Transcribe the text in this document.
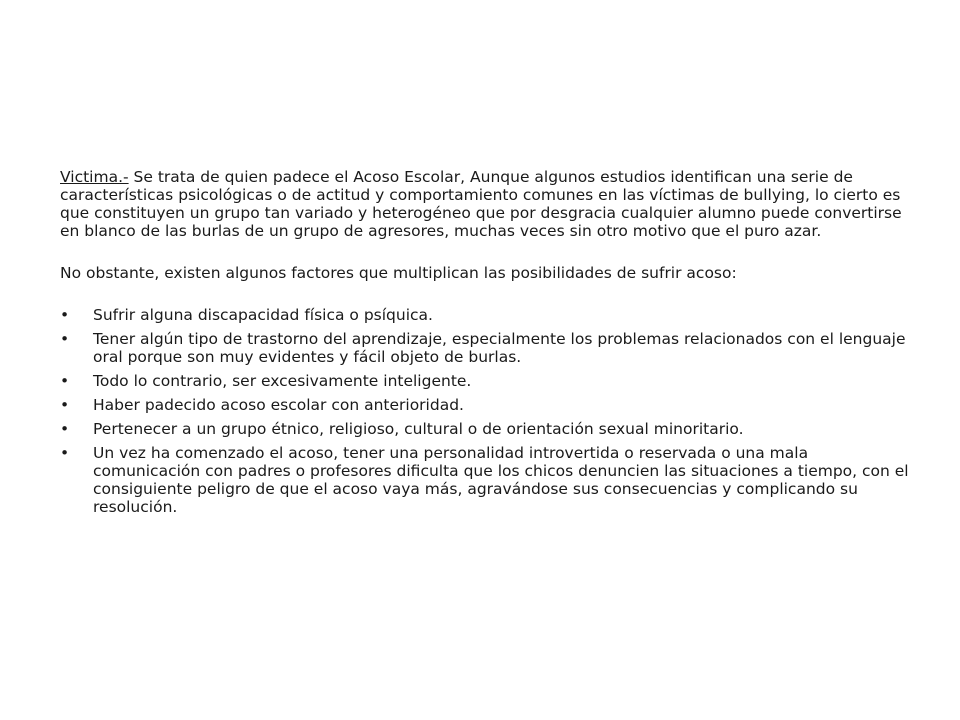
Victima.- Se trata de quien padece el Acoso Escolar, Aunque algunos estudios identifican una serie de características psicológicas o de actitud y comportamiento comunes en las víctimas de bullying, lo cierto es que constituyen un grupo tan variado y heterogéneo que por desgracia cualquier alumno puede convertirse en blanco de las burlas de un grupo de agresores, muchas veces sin otro motivo que el puro azar.

No obstante, existen algunos factores que multiplican las posibilidades de sufrir acoso:

• Sufrir alguna discapacidad física o psíquica.
• Tener algún tipo de trastorno del aprendizaje, especialmente los problemas relacionados con el lenguaje oral porque son muy evidentes y fácil objeto de burlas.
• Todo lo contrario, ser excesivamente inteligente.
• Haber padecido acoso escolar con anterioridad.
• Pertenecer a un grupo étnico, religioso, cultural o de orientación sexual minoritario.
• Un vez ha comenzado el acoso, tener una personalidad introvertida o reservada o una mala comunicación con padres o profesores dificulta que los chicos denuncien las situaciones a tiempo, con el consiguiente peligro de que el acoso vaya más, agravándose sus consecuencias y complicando su resolución.
